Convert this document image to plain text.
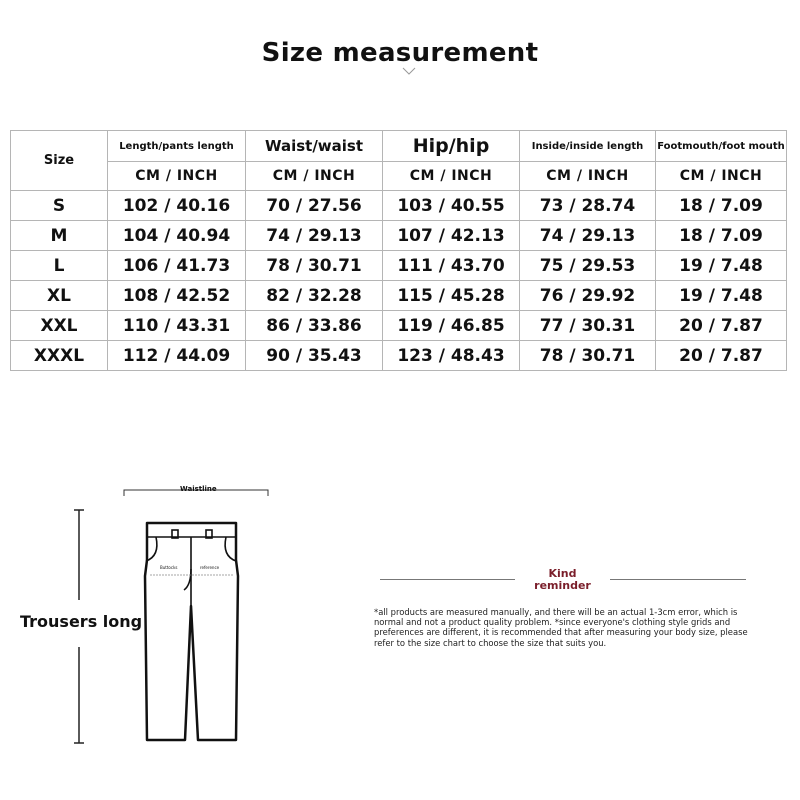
Size measurement
Size	Length/pants length	Waist/waist	Hip/hip	Inside/inside length	Footmouth/foot mouth
	CM / INCH	CM / INCH	CM / INCH	CM / INCH	CM / INCH
S	102 / 40.16	70 / 27.56	103 / 40.55	73 / 28.74	18 / 7.09
M	104 / 40.94	74 / 29.13	107 / 42.13	74 / 29.13	18 / 7.09
L	106 / 41.73	78 / 30.71	111 / 43.70	75 / 29.53	19 / 7.48
XL	108 / 42.52	82 / 32.28	115 / 45.28	76 / 29.92	19 / 7.48
XXL	110 / 43.31	86 / 33.86	119 / 46.85	77 / 30.31	20 / 7.87
XXXL	112 / 44.09	90 / 35.43	123 / 48.43	78 / 30.71	20 / 7.87
Waistline
Buttocks	reference
Trousers long
Kind
reminder
*all products are measured manually, and there will be an actual 1-3cm error, which is normal and not a product quality problem. *since everyone's clothing style grids and preferences are different, it is recommended that after measuring your body size, please refer to the size chart to choose the size that suits you.
